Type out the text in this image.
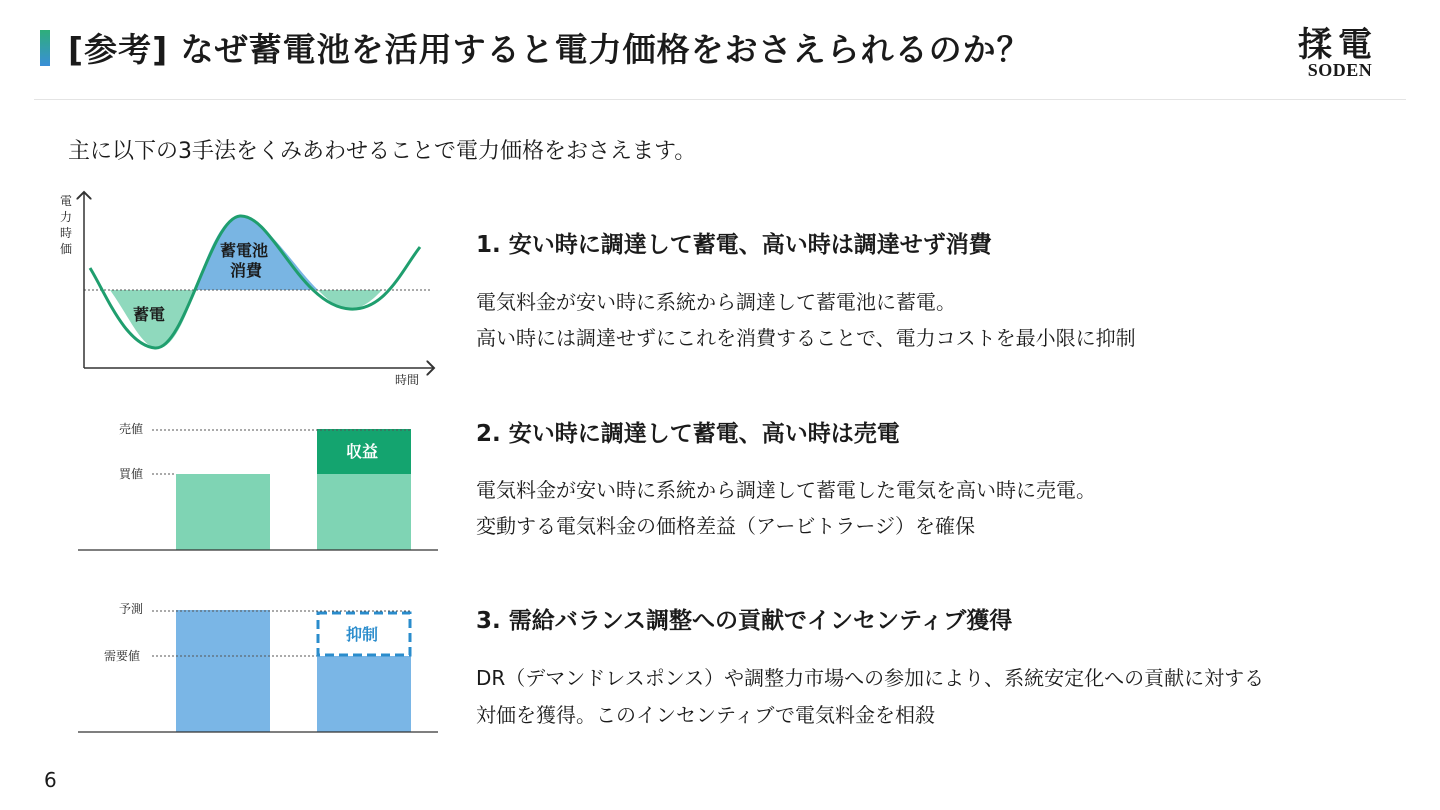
[参考] なぜ蓄電池を活用すると電力価格をおさえられるのか？	揉 電
SODEN
主に以下の3手法をくみあわせることで電力価格をおさえます。
電
力
時
価
時間
蓄電
蓄電池
消費
売値
買値
収益
予測
需要値
抑制
1. 安い時に調達して蓄電、高い時は調達せず消費
電気料金が安い時に系統から調達して蓄電池に蓄電。
高い時には調達せずにこれを消費することで、電力コストを最小限に抑制
2. 安い時に調達して蓄電、高い時は売電
電気料金が安い時に系統から調達して蓄電した電気を高い時に売電。
変動する電気料金の価格差益（アービトラージ）を確保
3. 需給バランス調整への貢献でインセンティブ獲得
DR（デマンドレスポンス）や調整力市場への参加により、系統安定化への貢献に対する
対価を獲得。このインセンティブで電気料金を相殺
6
